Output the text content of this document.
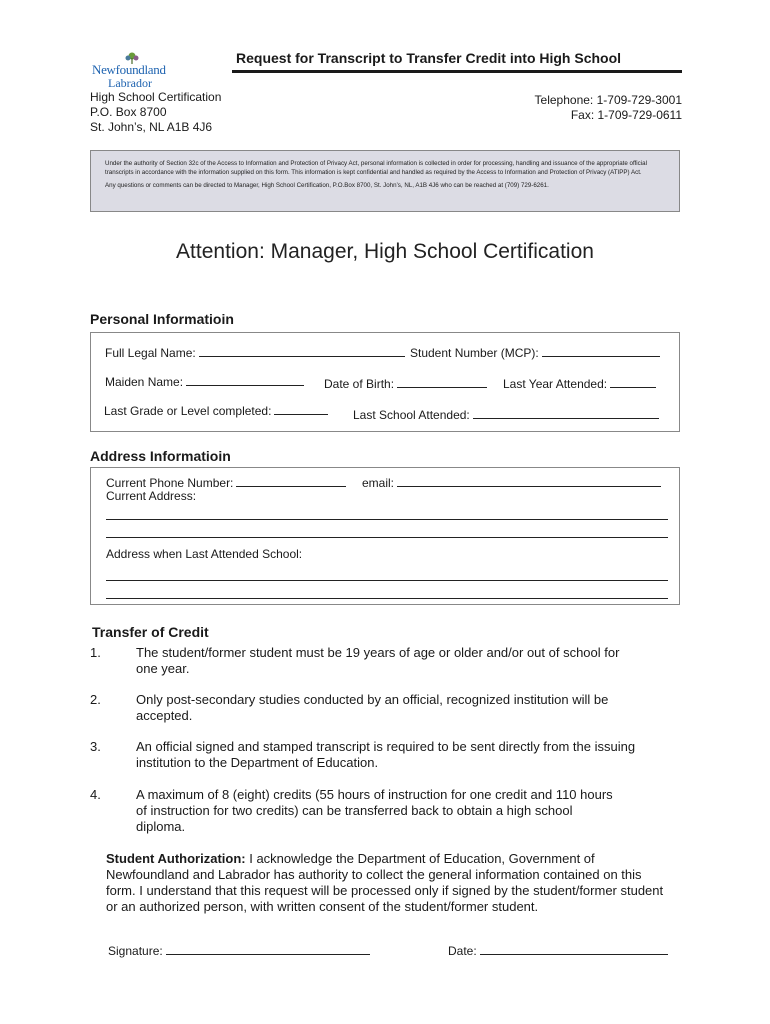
Newfoundland
Labrador
Request for Transcript to Transfer Credit into High School
High School Certification
P.O. Box 8700
St. John’s, NL A1B 4J6
Telephone: 1-709-729-3001
Fax: 1-709-729-0611

Under the authority of Section 32c of the Access to Information and Protection of Privacy Act, personal information is collected in order for processing, handling and issuance of the appropriate official transcripts in accordance with the information supplied on this form. This information is kept confidential and handled as required by the Access to Information and Protection of Privacy (ATIPP) Act.

Any questions or comments can be directed to Manager, High School Certification, P.O.Box 8700, St. John’s, NL, A1B 4J6 who can be reached at (709) 729-6261.

Attention: Manager, High School Certification
Personal Informatioin
Full Legal Name:	Student Number (MCP):
Maiden Name:	Date of Birth:	Last Year Attended:
Last Grade or Level completed:	Last School Attended:
Address Informatioin
Current Phone Number:	email:
Current Address:
Address when Last Attended School:
Transfer of Credit
1.	The student/former student must be 19 years of age or older and/or out of school for one year.
2.	Only post-secondary studies conducted by an official, recognized institution will be accepted.
3.	An official signed and stamped transcript is required to be sent directly from the issuing institution to the Department of Education.
4.	A maximum of 8 (eight) credits (55 hours of instruction for one credit and 110 hours of instruction for two credits) can be transferred back to obtain a high school diploma.
Student Authorization: I acknowledge the Department of Education, Government of Newfoundland and Labrador has authority to collect the general information contained on this form. I understand that this request will be processed only if signed by the student/former student or an authorized person, with written consent of the student/former student.
Signature:	Date:
